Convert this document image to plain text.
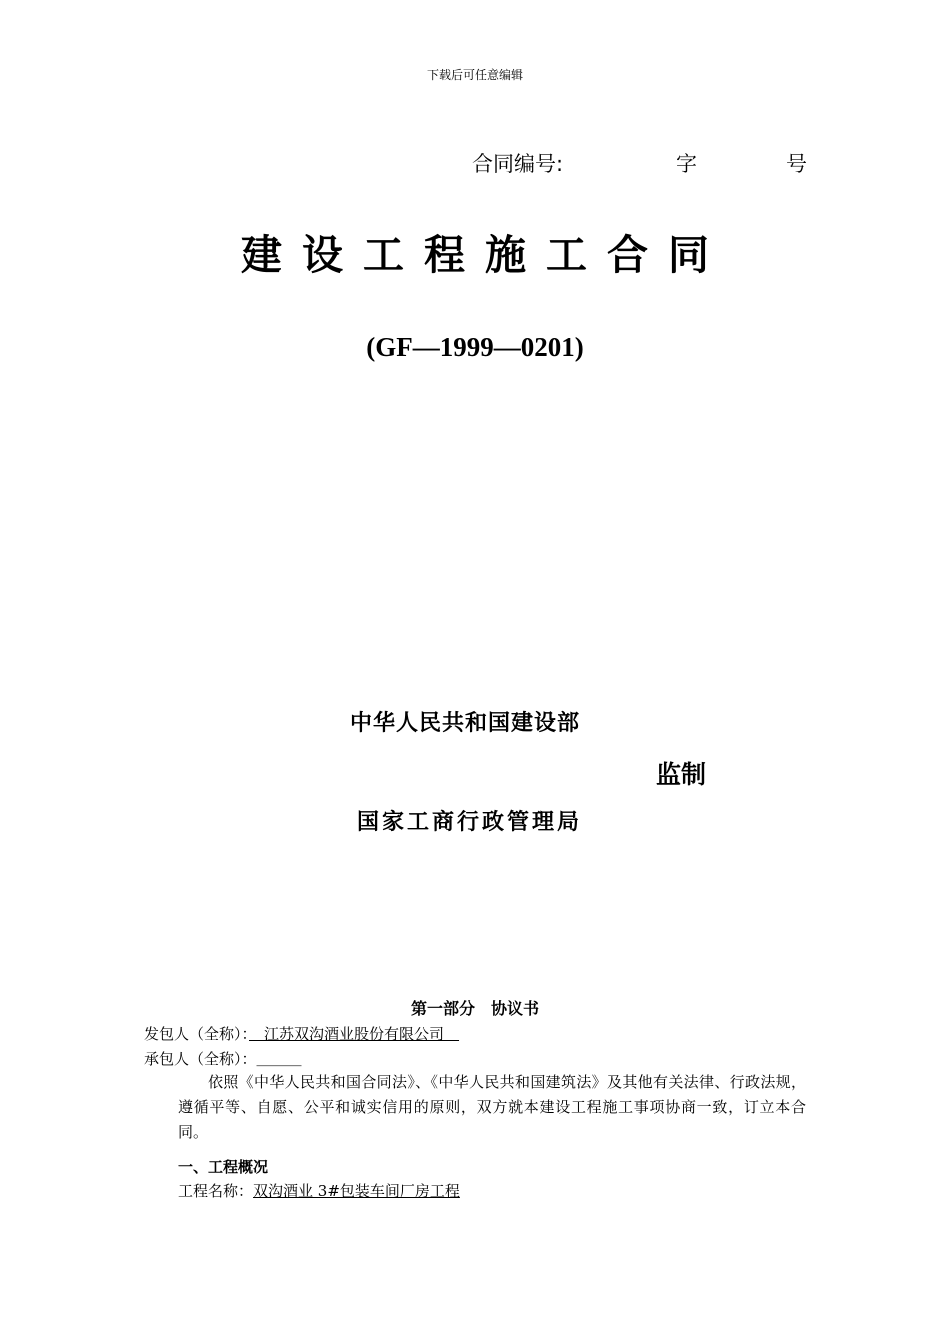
下载后可任意编辑
合同编号:	字	号
建设工程施工合同
(GF—1999—0201)
中华人民共和国建设部
监制
国家工商行政管理局
第一部分　协议书
发包人（全称）：　江苏双沟酒业股份有限公司　
承包人（全称）：＿＿＿
依照《中华人民共和国合同法》、《中华人民共和国建筑法》及其他有关法律、行政法规，遵循平等、自愿、公平和诚实信用的原则，双方就本建设工程施工事项协商一致，订立本合同。
一、工程概况
工程名称：双沟酒业 3#包装车间厂房工程
